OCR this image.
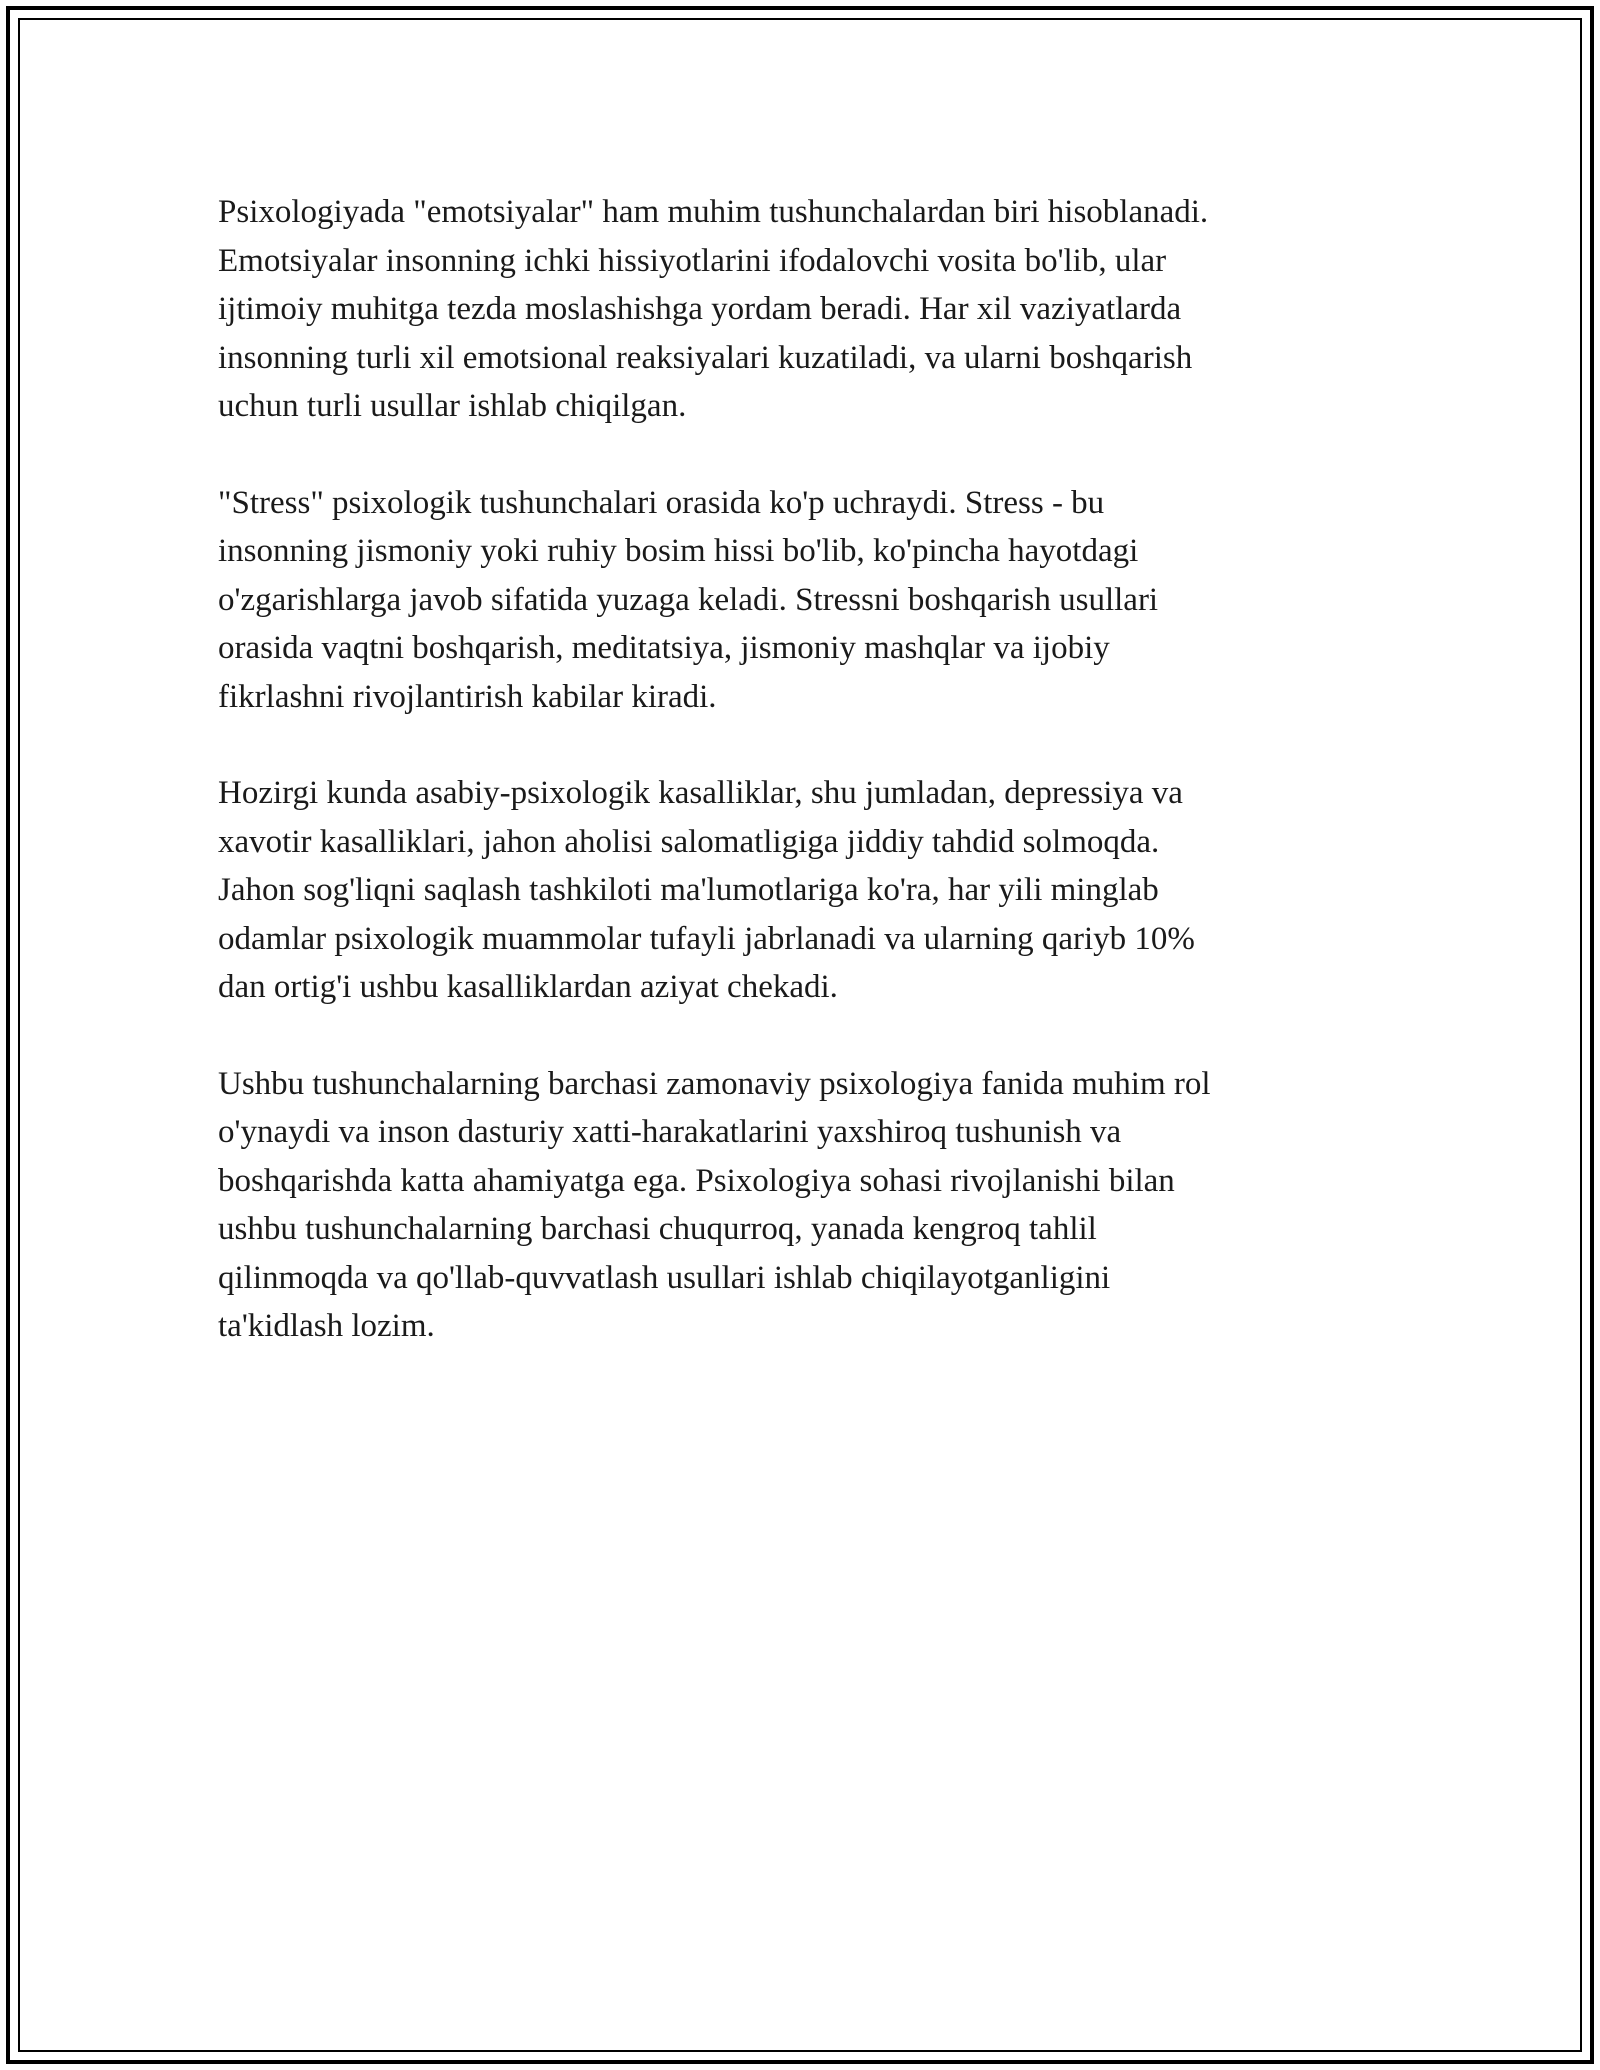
Psixologiyada "emotsiyalar" ham muhim tushunchalardan biri hisoblanadi.
Emotsiyalar insonning ichki hissiyotlarini ifodalovchi vosita bo'lib, ular
ijtimoiy muhitga tezda moslashishga yordam beradi. Har xil vaziyatlarda
insonning turli xil emotsional reaksiyalari kuzatiladi, va ularni boshqarish
uchun turli usullar ishlab chiqilgan.

"Stress" psixologik tushunchalari orasida ko'p uchraydi. Stress - bu
insonning jismoniy yoki ruhiy bosim hissi bo'lib, ko'pincha hayotdagi
o'zgarishlarga javob sifatida yuzaga keladi. Stressni boshqarish usullari
orasida vaqtni boshqarish, meditatsiya, jismoniy mashqlar va ijobiy
fikrlashni rivojlantirish kabilar kiradi.

Hozirgi kunda asabiy-psixologik kasalliklar, shu jumladan, depressiya va
xavotir kasalliklari, jahon aholisi salomatligiga jiddiy tahdid solmoqda.
Jahon sog'liqni saqlash tashkiloti ma'lumotlariga ko'ra, har yili minglab
odamlar psixologik muammolar tufayli jabrlanadi va ularning qariyb 10%
dan ortig'i ushbu kasalliklardan aziyat chekadi.

Ushbu tushunchalarning barchasi zamonaviy psixologiya fanida muhim rol
o'ynaydi va inson dasturiy xatti-harakatlarini yaxshiroq tushunish va
boshqarishda katta ahamiyatga ega. Psixologiya sohasi rivojlanishi bilan
ushbu tushunchalarning barchasi chuqurroq, yanada kengroq tahlil
qilinmoqda va qo'llab-quvvatlash usullari ishlab chiqilayotganligini
ta'kidlash lozim.
